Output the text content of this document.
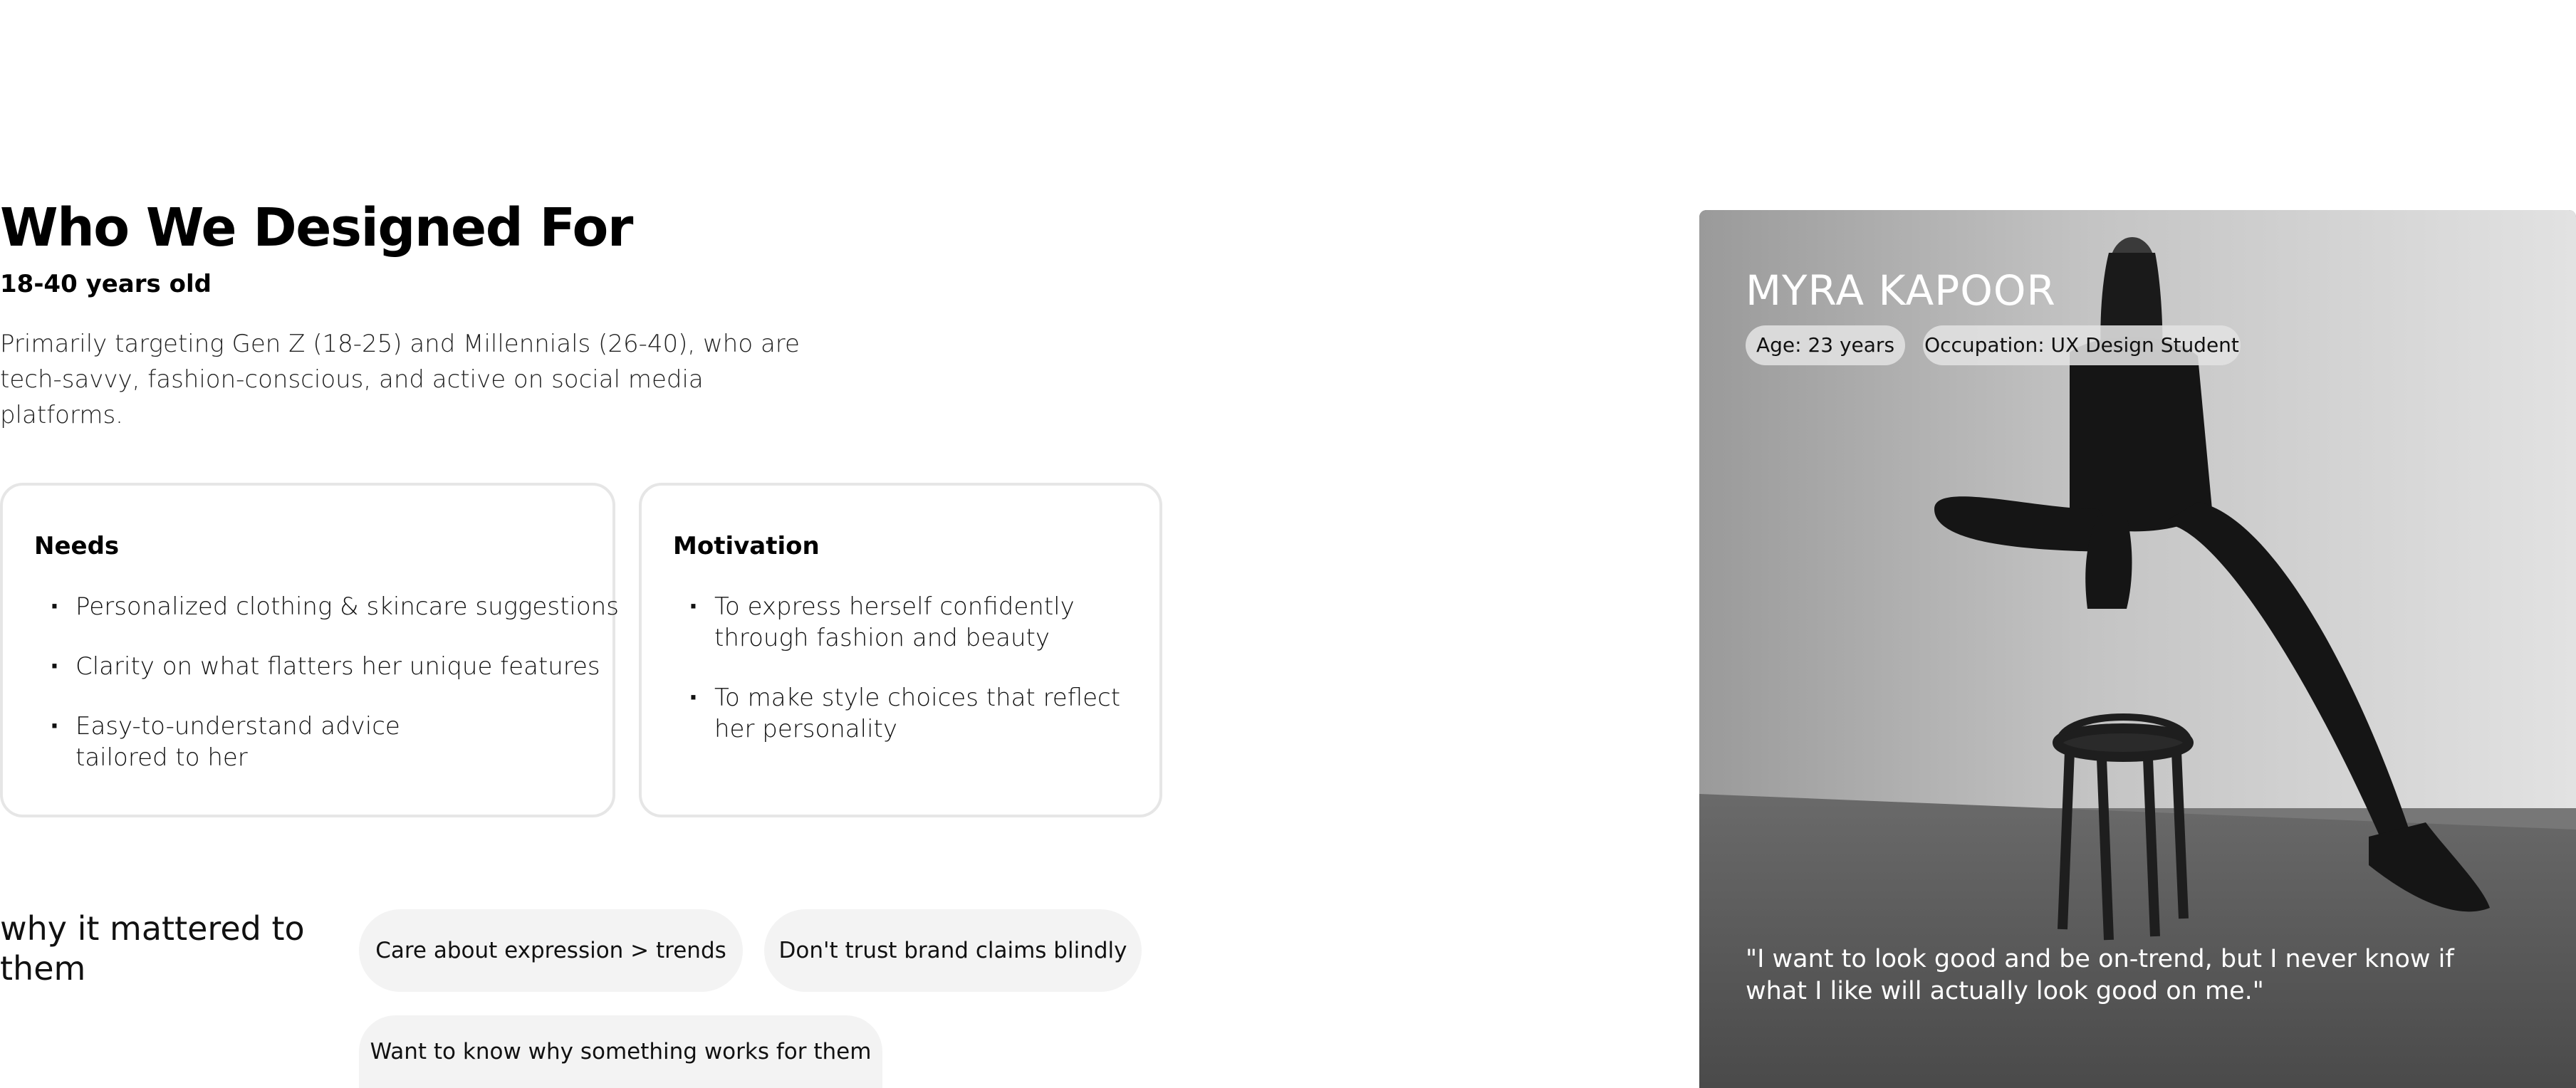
Who We Designed For
18-40 years old

Primarily targeting Gen Z (18-25) and Millennials (26-40), who are tech-savvy, fashion-conscious, and active on social media platforms.

Needs
· Personalized clothing & skincare suggestions
· Clarity on what flatters her unique features
· Easy-to-understand advice
tailored to her
Motivation
· To express herself confidently
through fashion and beauty
· To make style choices that reflect
her personality
why it mattered to them	Care about expression > trends	Don't trust brand claims blindly
Want to know why something works for them
MYRA KAPOOR
Age: 23 years	Occupation: UX Design Student
"I want to look good and be on-trend, but I never know if what I like will actually look good on me."
